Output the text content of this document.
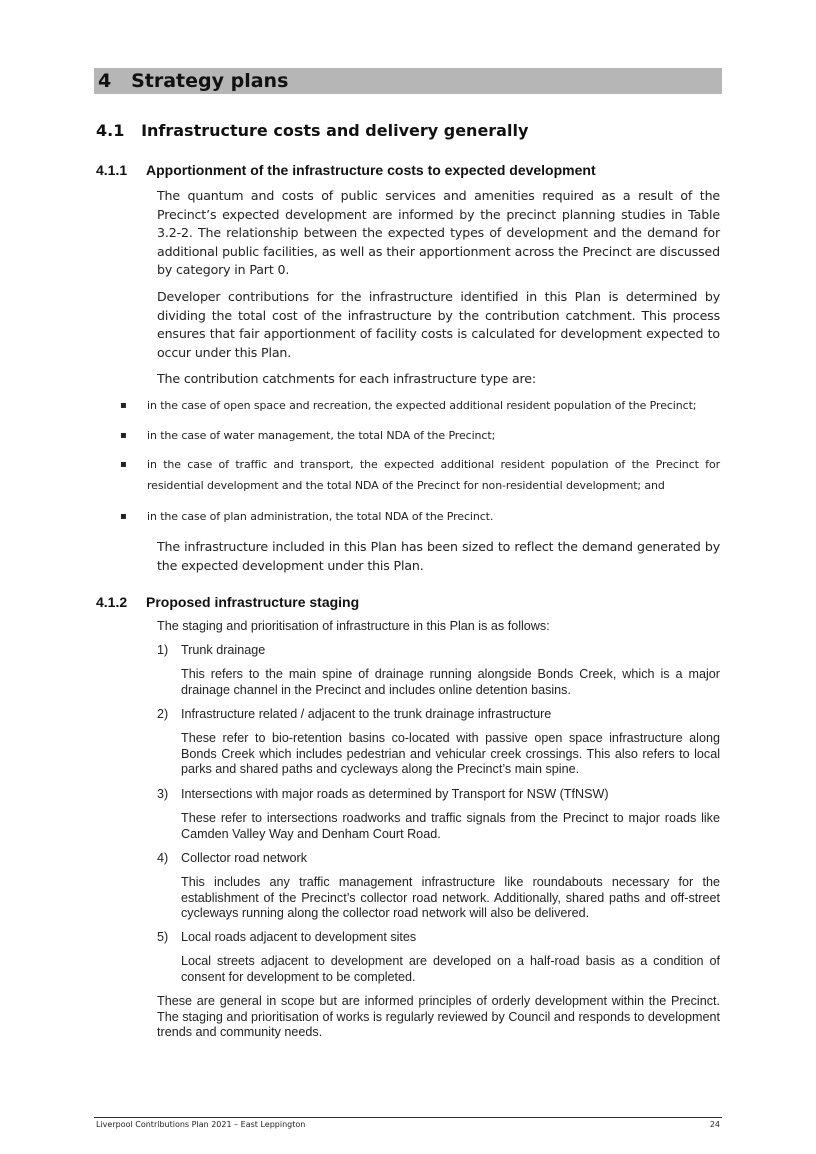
4 Strategy plans
4.1 Infrastructure costs and delivery generally
4.1.1 Apportionment of the infrastructure costs to expected development
The quantum and costs of public services and amenities required as a result of the Precinct’s expected development are informed by the precinct planning studies in Table 3.2-2. The relationship between the expected types of development and the demand for additional public facilities, as well as their apportionment across the Precinct are discussed by category in Part 0.
Developer contributions for the infrastructure identified in this Plan is determined by dividing the total cost of the infrastructure by the contribution catchment. This process ensures that fair apportionment of facility costs is calculated for development expected to occur under this Plan.
The contribution catchments for each infrastructure type are:
▪ in the case of open space and recreation, the expected additional resident population of the Precinct;
▪ in the case of water management, the total NDA of the Precinct;
▪ in the case of traffic and transport, the expected additional resident population of the Precinct for residential development and the total NDA of the Precinct for non-residential development; and
▪ in the case of plan administration, the total NDA of the Precinct.
The infrastructure included in this Plan has been sized to reflect the demand generated by the expected development under this Plan.
4.1.2 Proposed infrastructure staging
The staging and prioritisation of infrastructure in this Plan is as follows:
1) Trunk drainage
This refers to the main spine of drainage running alongside Bonds Creek, which is a major drainage channel in the Precinct and includes online detention basins.
2) Infrastructure related / adjacent to the trunk drainage infrastructure
These refer to bio-retention basins co-located with passive open space infrastructure along Bonds Creek which includes pedestrian and vehicular creek crossings. This also refers to local parks and shared paths and cycleways along the Precinct’s main spine.
3) Intersections with major roads as determined by Transport for NSW (TfNSW)
These refer to intersections roadworks and traffic signals from the Precinct to major roads like Camden Valley Way and Denham Court Road.
4) Collector road network
This includes any traffic management infrastructure like roundabouts necessary for the establishment of the Precinct’s collector road network. Additionally, shared paths and off-street cycleways running along the collector road network will also be delivered.
5) Local roads adjacent to development sites
Local streets adjacent to development are developed on a half-road basis as a condition of consent for development to be completed.
These are general in scope but are informed principles of orderly development within the Precinct. The staging and prioritisation of works is regularly reviewed by Council and responds to development trends and community needs.
Liverpool Contributions Plan 2021 – East Leppington	24
